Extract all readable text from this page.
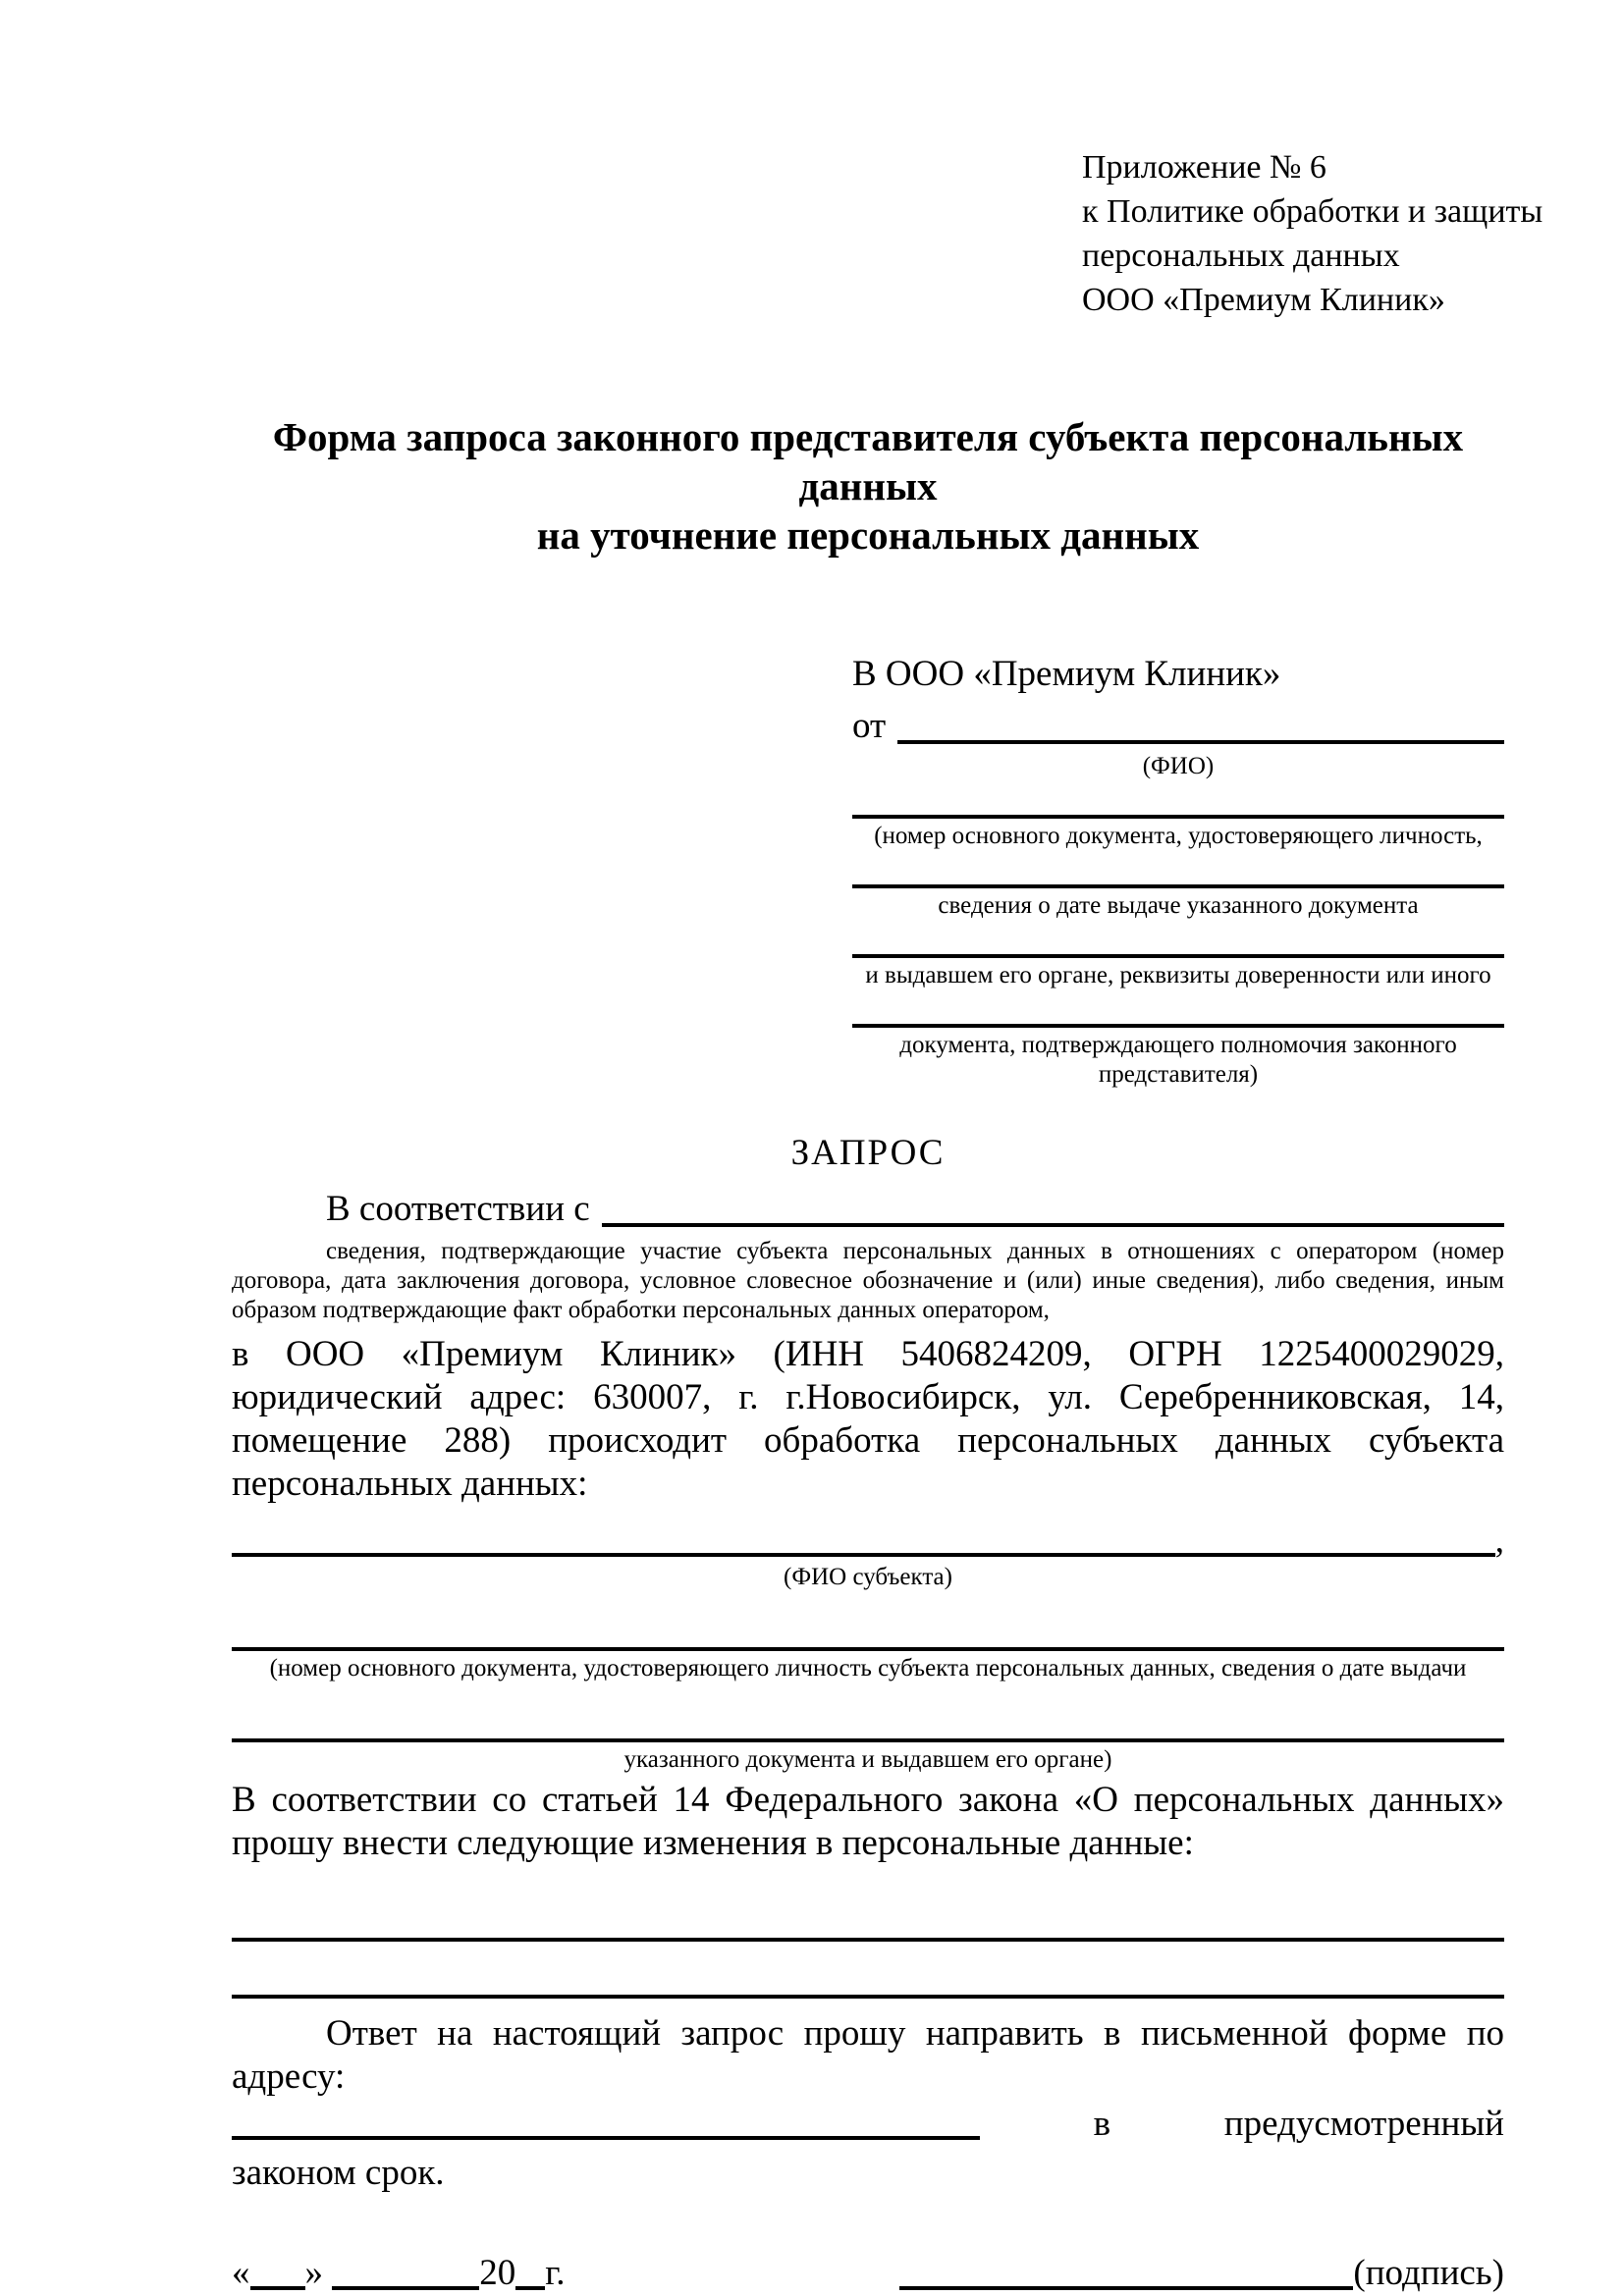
Приложение № 6
к Политике обработки и защиты
персональных данных
ООО «Премиум Клиник»
Форма запроса законного представителя субъекта персональных данных
на уточнение персональных данных
В ООО «Премиум Клиник»
от
(ФИО)
(номер основного документа, удостоверяющего личность,
сведения о дате выдаче указанного документа
и выдавшем его органе, реквизиты доверенности или иного
документа, подтверждающего полномочия законного представителя)
ЗАПРОС
В соответствии с
сведения, подтверждающие участие субъекта персональных данных в отношениях с оператором (номер договора, дата заключения договора, условное словесное обозначение и (или) иные сведения), либо сведения, иным образом подтверждающие факт обработки персональных данных оператором,
в ООО «Премиум Клиник» (ИНН 5406824209, ОГРН 1225400029029, юридический адрес: 630007, г. г.Новосибирск, ул. Серебренниковская, 14, помещение 288) происходит обработка персональных данных субъекта персональных данных:
,
(ФИО субъекта)
(номер основного документа, удостоверяющего личность субъекта персональных данных, сведения о дате выдачи
указанного документа и выдавшем его органе)
В соответствии со статьей 14 Федерального закона «О персональных данных» прошу внести следующие изменения в персональные данные:
Ответ на настоящий запрос прошу направить в письменной форме по адресу:
в	предусмотренный
законом срок.
« »	20 г.	(подпись)
